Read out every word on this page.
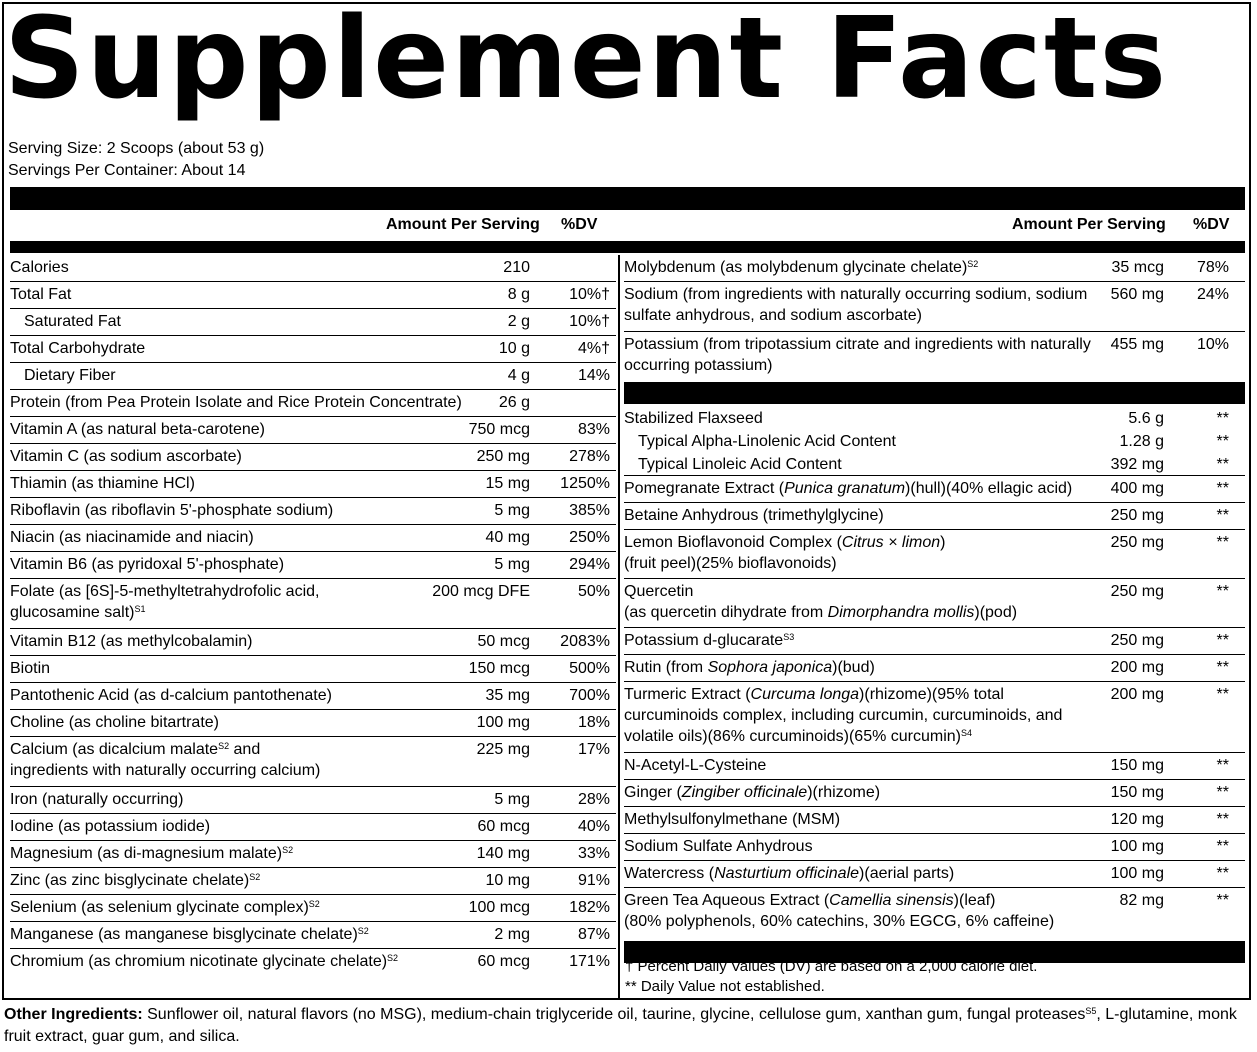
Supplement Facts
Serving Size: 2 Scoops (about 53 g)
Servings Per Container: About 14
Amount Per Serving %DV	Amount Per Serving %DV
Calories	210
Total Fat	8 g 10%†
Saturated Fat	2 g 10%†
Total Carbohydrate	10 g	4%†
Dietary Fiber	4 g	14%
Protein (from Pea Protein Isolate and Rice Protein Concentrate) 26 g
Vitamin A (as natural beta-carotene)	750 mcg	83%
Vitamin C (as sodium ascorbate)	250 mg 278%
Thiamin (as thiamine HCl)	15 mg 1250%
Riboflavin (as riboflavin 5'-phosphate sodium)	5 mg 385%
Niacin (as niacinamide and niacin)	40 mg 250%
Vitamin B6 (as pyridoxal 5'-phosphate)	5 mg 294%
Folate (as [6S]-5-methyltetrahydrofolic acid,
glucosamine salt)$^{S1}$
200 mcg DFE	50%
Vitamin B12 (as methylcobalamin)	50 mcg 2083%
Biotin	150 mcg 500%
Pantothenic Acid (as d-calcium pantothenate)	35 mg 700%
Choline (as choline bitartrate)	100 mg	18%
Calcium (as dicalcium malate$^{S2}$ and
ingredients with naturally occurring calcium)
225 mg	17%
Iron (naturally occurring)	5 mg	28%
Iodine (as potassium iodide)	60 mcg	40%
Magnesium (as di-magnesium malate)$^{S2}$	140 mg	33%
Zinc (as zinc bisglycinate chelate)$^{S2}$	10 mg	91%
Selenium (as selenium glycinate complex)$^{S2}$	100 mcg 182%
Manganese (as manganese bisglycinate chelate)$^{S2}$	2 mg	87%
Chromium (as chromium nicotinate glycinate chelate)$^{S2}$	60 mcg 171%
Molybdenum (as molybdenum glycinate chelate)$^{S2}$	35 mcg 78%
Sodium (from ingredients with naturally occurring sodium, sodium
sulfate anhydrous, and sodium ascorbate)
560 mg 24%
Potassium (from tripotassium citrate and ingredients with naturally
occurring potassium)
455 mg 10%
Stabilized Flaxseed	5.6 g	**
Typical Alpha-Linolenic Acid Content	1.28 g	**
Typical Linoleic Acid Content	392 mg	**
Pomegranate Extract (Punica granatum)(hull)(40% ellagic acid) 400 mg	**
Betaine Anhydrous (trimethylglycine)	250 mg	**
Lemon Bioflavonoid Complex (Citrus × limon)
(fruit peel)(25% bioflavonoids)
250 mg	**
Quercetin
(as quercetin dihydrate from Dimorphandra mollis)(pod)
250 mg	**
Potassium d-glucarate$^{S3}$	250 mg	**
Rutin (from Sophora japonica)(bud)	200 mg	**
Turmeric Extract (Curcuma longa)(rhizome)(95% total
curcuminoids complex, including curcumin, curcuminoids, and
volatile oils)(86% curcuminoids)(65% curcumin)$^{S4}$
200 mg	**
N-Acetyl-L-Cysteine	150 mg	**
Ginger (Zingiber officinale)(rhizome)	150 mg	**
Methylsulfonylmethane (MSM)	120 mg	**
Sodium Sulfate Anhydrous	100 mg	**
Watercress (Nasturtium officinale)(aerial parts)	100 mg	**
Green Tea Aqueous Extract (Camellia sinensis)(leaf)
(80% polyphenols, 60% catechins, 30% EGCG, 6% caffeine)
82 mg	**
† Percent Daily Values (DV) are based on a 2,000 calorie diet.
** Daily Value not established.
Other Ingredients: Sunflower oil, natural flavors (no MSG), medium-chain triglyceride oil, taurine, glycine, cellulose gum, xanthan gum, fungal proteases$^{S5}$, L-glutamine, monk fruit extract, guar gum, and silica.
